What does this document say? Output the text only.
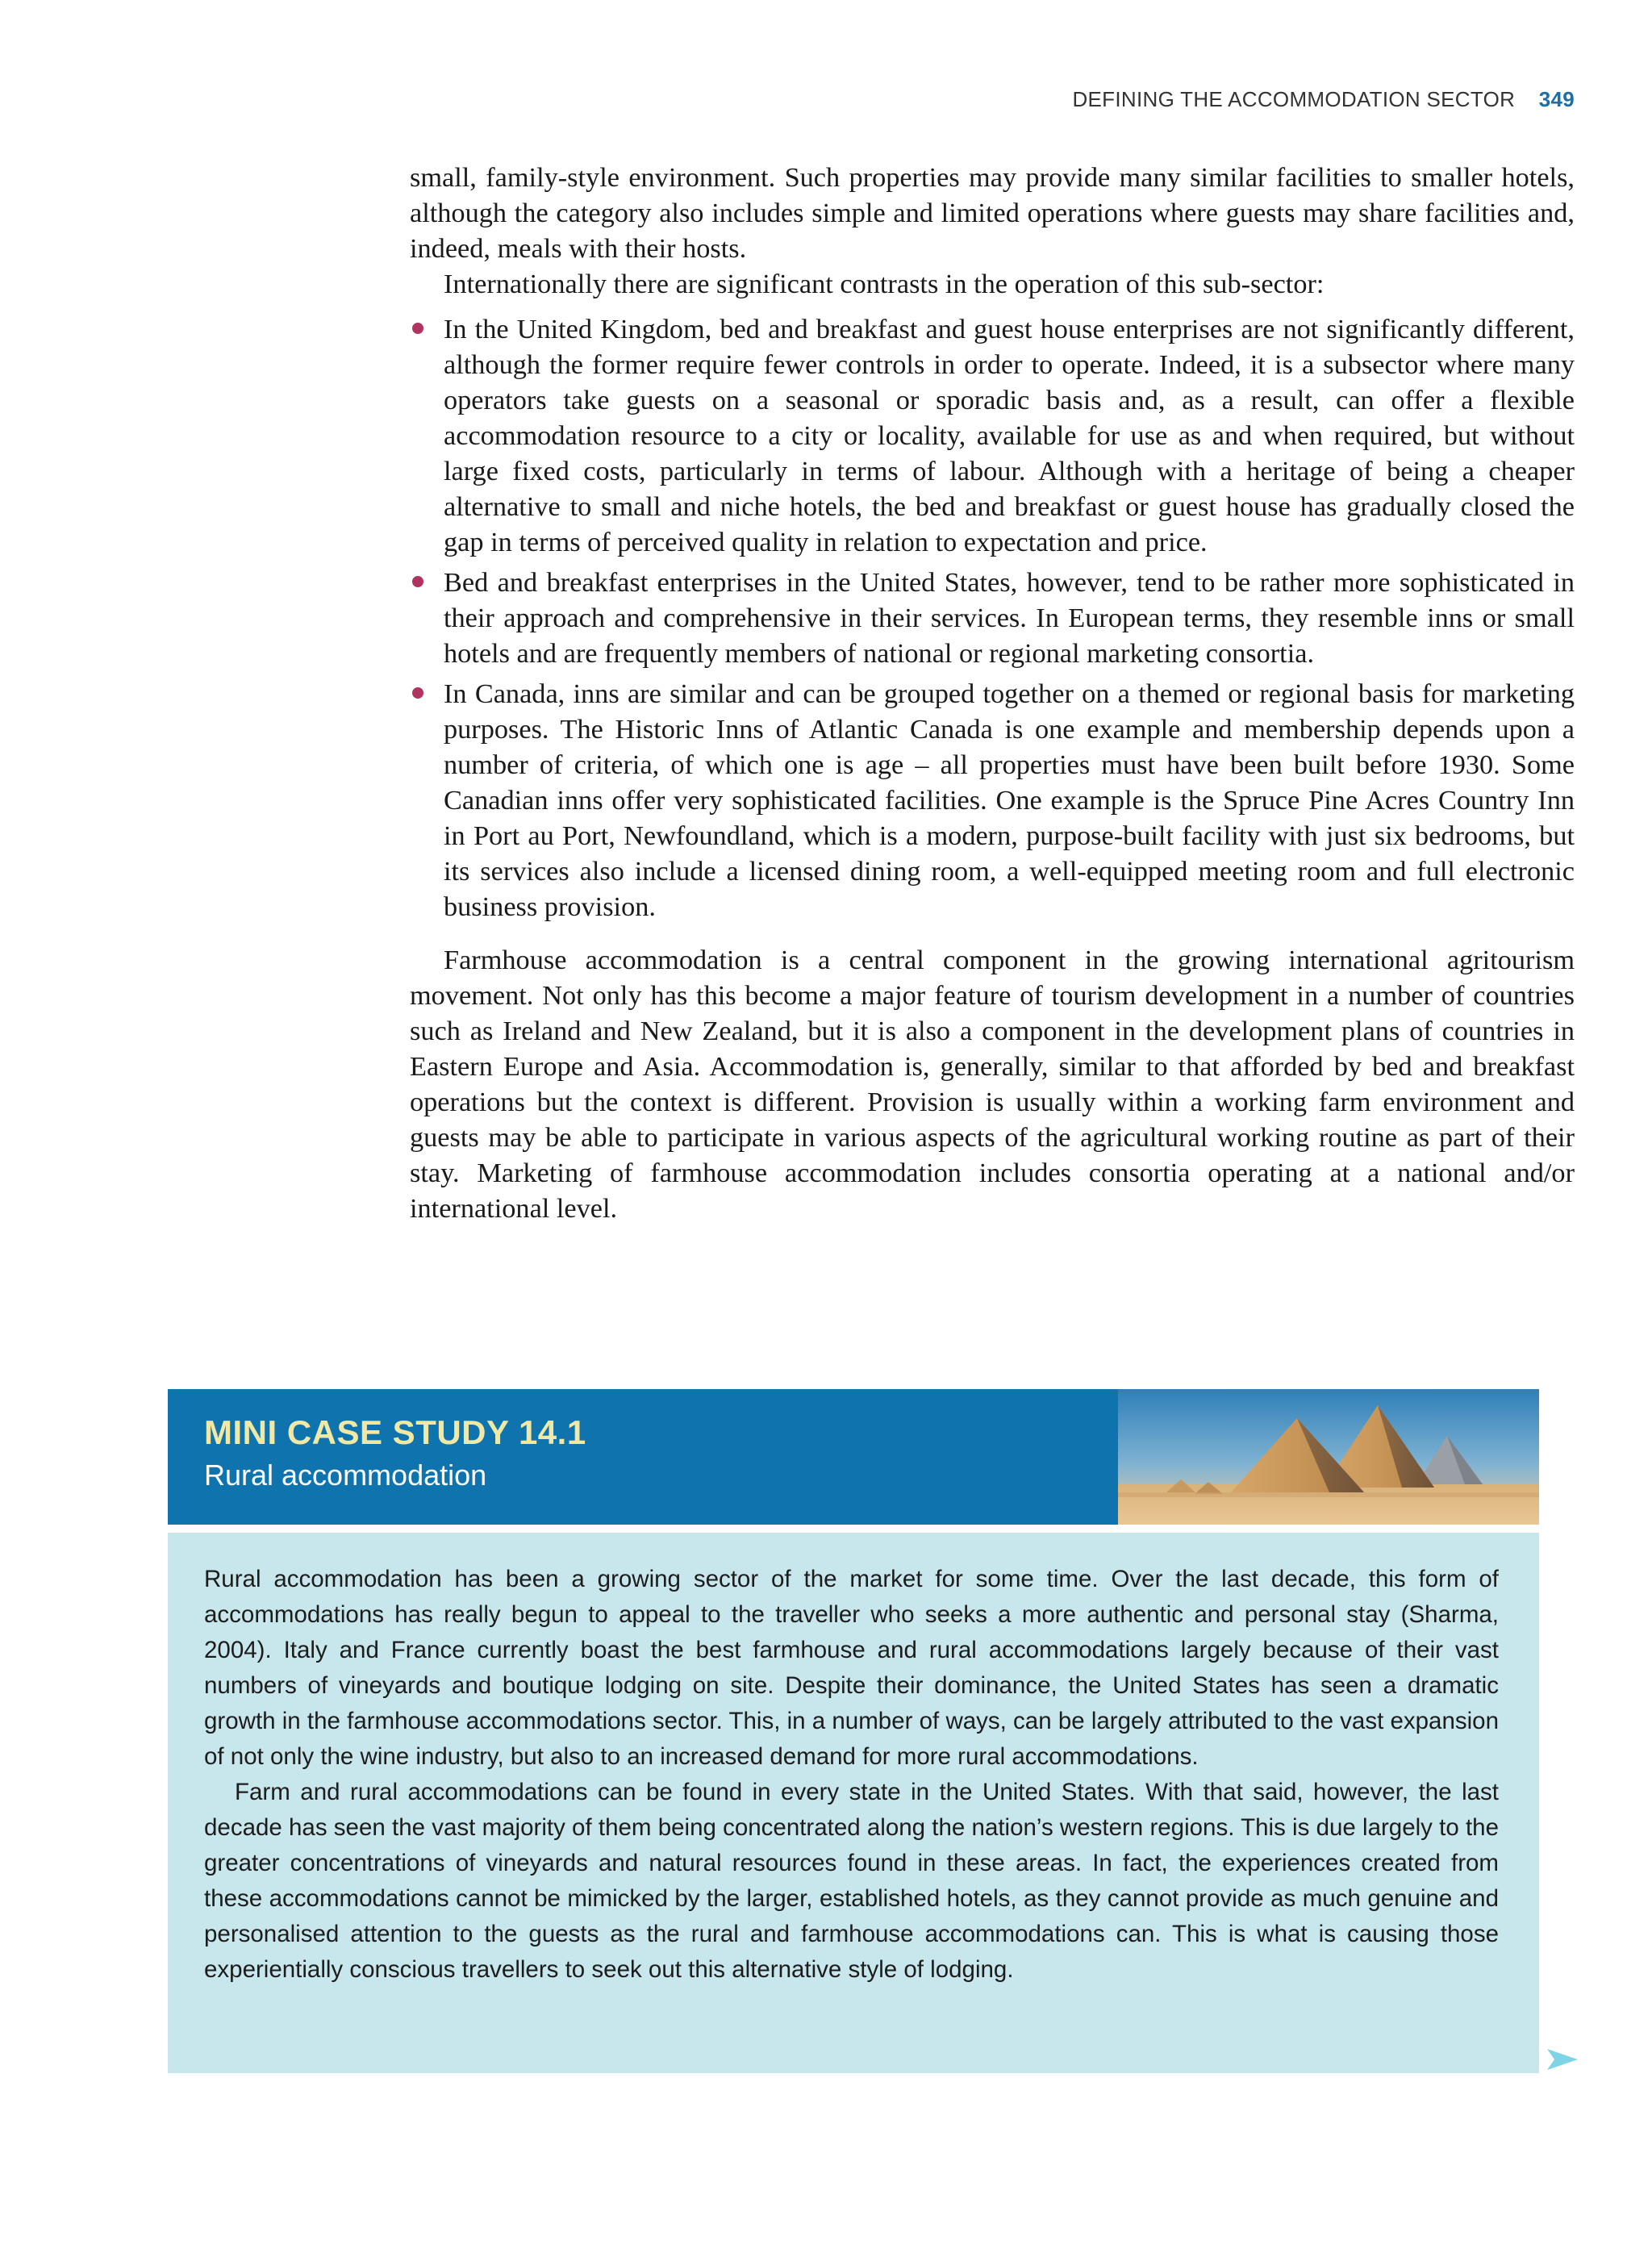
DEFINING THE ACCOMMODATION SECTOR 349

small, family-style environment. Such properties may provide many similar facilities to smaller hotels, although the category also includes simple and limited operations where guests may share facilities and, indeed, meals with their hosts.

Internationally there are significant contrasts in the operation of this sub-sector:

In the United Kingdom, bed and breakfast and guest house enterprises are not significantly different, although the former require fewer controls in order to operate. Indeed, it is a subsector where many operators take guests on a seasonal or sporadic basis and, as a result, can offer a flexible accommodation resource to a city or locality, available for use as and when required, but without large fixed costs, particularly in terms of labour. Although with a heritage of being a cheaper alternative to small and niche hotels, the bed and breakfast or guest house has gradually closed the gap in terms of perceived quality in relation to expectation and price.
Bed and breakfast enterprises in the United States, however, tend to be rather more sophisticated in their approach and comprehensive in their services. In European terms, they resemble inns or small hotels and are frequently members of national or regional marketing consortia.
In Canada, inns are similar and can be grouped together on a themed or regional basis for marketing purposes. The Historic Inns of Atlantic Canada is one example and membership depends upon a number of criteria, of which one is age – all properties must have been built before 1930. Some Canadian inns offer very sophisticated facilities. One example is the Spruce Pine Acres Country Inn in Port au Port, Newfoundland, which is a modern, purpose-built facility with just six bedrooms, but its services also include a licensed dining room, a well-equipped meeting room and full electronic business provision.

Farmhouse accommodation is a central component in the growing international agritourism movement. Not only has this become a major feature of tourism development in a number of countries such as Ireland and New Zealand, but it is also a component in the development plans of countries in Eastern Europe and Asia. Accommodation is, generally, similar to that afforded by bed and breakfast operations but the context is different. Provision is usually within a working farm environment and guests may be able to participate in various aspects of the agricultural working routine as part of their stay. Marketing of farmhouse accommodation includes consortia operating at a national and/or international level.

MINI CASE STUDY 14.1
Rural accommodation

Rural accommodation has been a growing sector of the market for some time. Over the last decade, this form of accommodations has really begun to appeal to the traveller who seeks a more authentic and personal stay (Sharma, 2004). Italy and France currently boast the best farmhouse and rural accommodations largely because of their vast numbers of vineyards and boutique lodging on site. Despite their dominance, the United States has seen a dramatic growth in the farmhouse accommodations sector. This, in a number of ways, can be largely attributed to the vast expansion of not only the wine industry, but also to an increased demand for more rural accommodations.

Farm and rural accommodations can be found in every state in the United States. With that said, however, the last decade has seen the vast majority of them being concentrated along the nation’s western regions. This is due largely to the greater concentrations of vineyards and natural resources found in these areas. In fact, the experiences created from these accommodations cannot be mimicked by the larger, established hotels, as they cannot provide as much genuine and personalised attention to the guests as the rural and farmhouse accommodations can. This is what is causing those experientially conscious travellers to seek out this alternative style of lodging.
